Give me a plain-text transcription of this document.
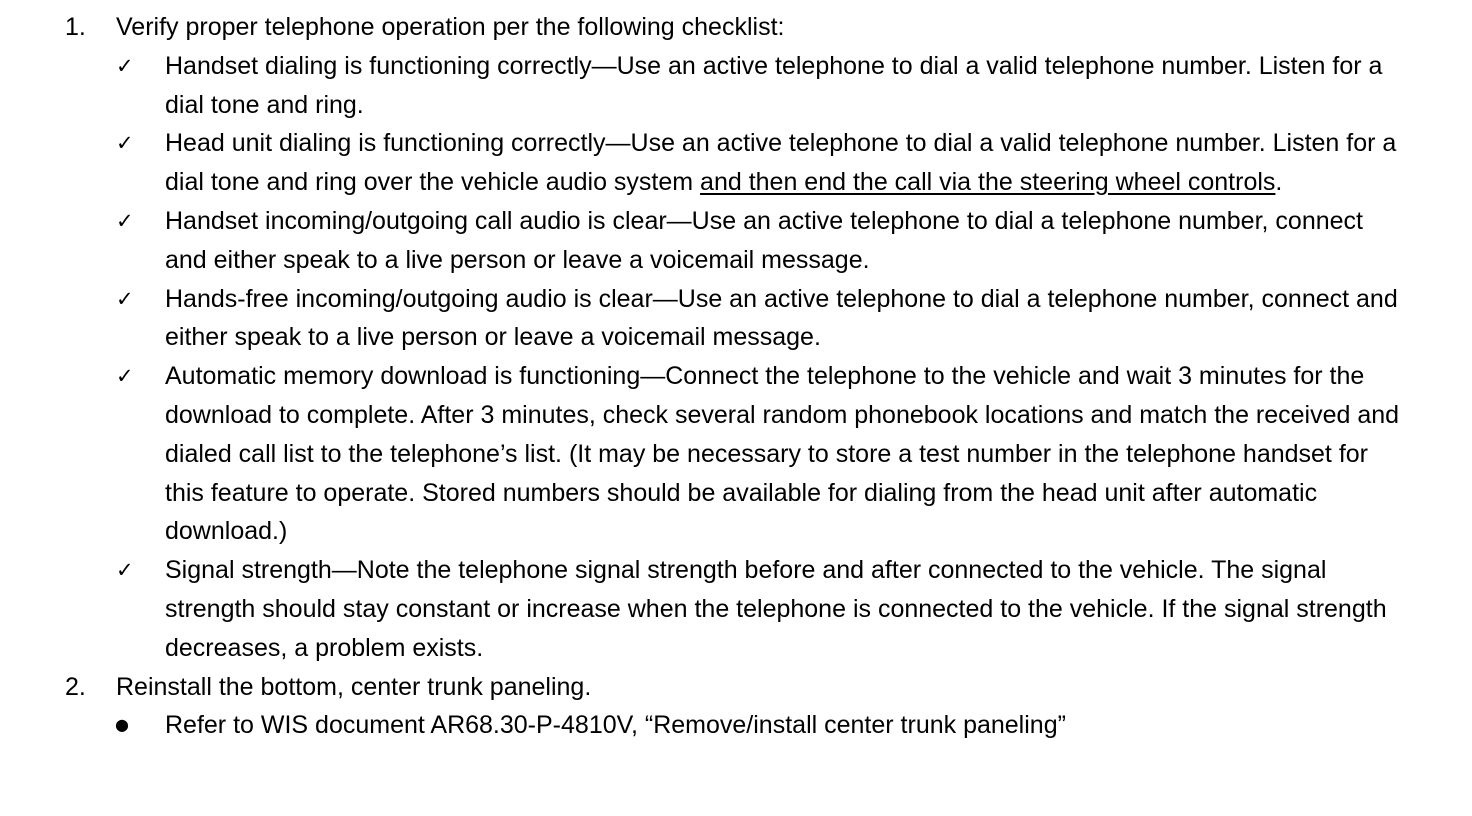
1. Verify proper telephone operation per the following checklist:
✓ Handset dialing is functioning correctly—Use an active telephone to dial a valid telephone number. Listen for a dial tone and ring.
✓ Head unit dialing is functioning correctly—Use an active telephone to dial a valid telephone number. Listen for a dial tone and ring over the vehicle audio system and then end the call via the steering wheel controls.
✓ Handset incoming/outgoing call audio is clear—Use an active telephone to dial a telephone number, connect and either speak to a live person or leave a voicemail message.
✓ Hands-free incoming/outgoing audio is clear—Use an active telephone to dial a telephone number, connect and either speak to a live person or leave a voicemail message.
✓ Automatic memory download is functioning—Connect the telephone to the vehicle and wait 3 minutes for the download to complete. After 3 minutes, check several random phonebook locations and match the received and dialed call list to the telephone’s list. (It may be necessary to store a test number in the telephone handset for this feature to operate. Stored numbers should be available for dialing from the head unit after automatic download.)
✓ Signal strength—Note the telephone signal strength before and after connected to the vehicle. The signal strength should stay constant or increase when the telephone is connected to the vehicle. If the signal strength decreases, a problem exists.
2. Reinstall the bottom, center trunk paneling.
● Refer to WIS document AR68.30-P-4810V, “Remove/install center trunk paneling”
